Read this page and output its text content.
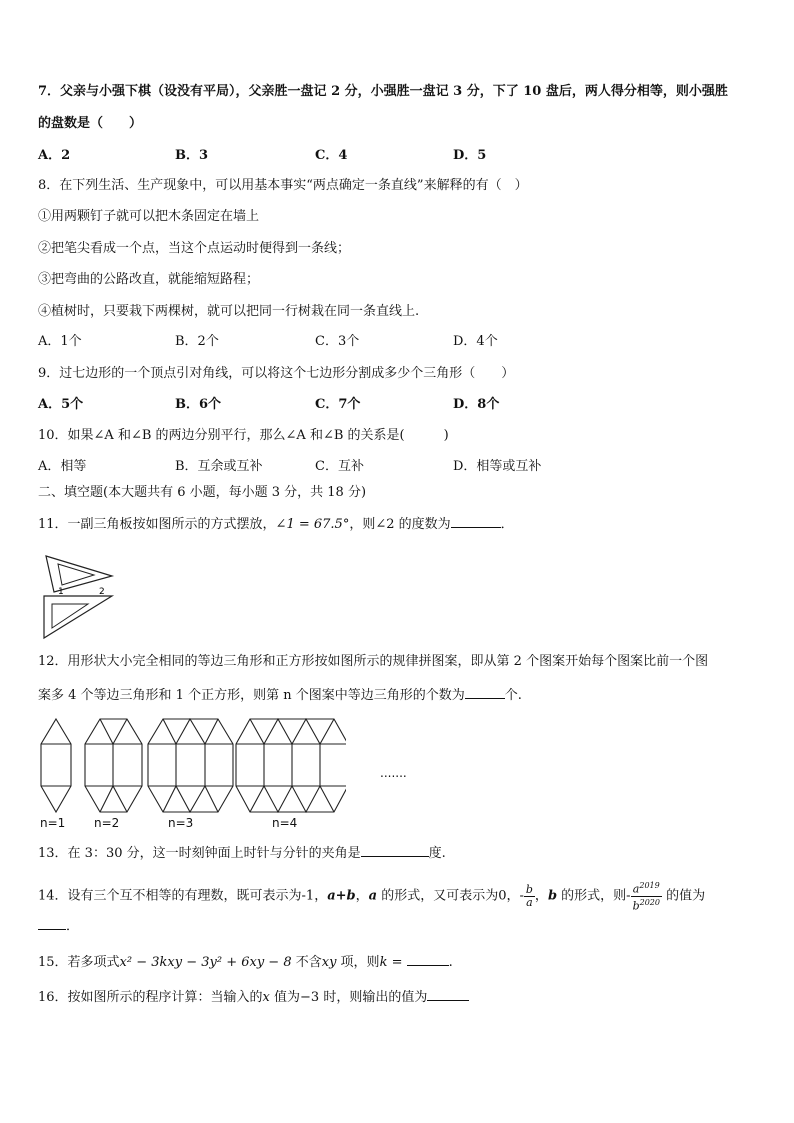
7．父亲与小强下棋（设没有平局），父亲胜一盘记 2 分，小强胜一盘记 3 分，下了 10 盘后，两人得分相等，则小强胜
的盘数是（　　）
A．2	B．3	C．4	D．5
8．在下列生活、生产现象中，可以用基本事实“两点确定一条直线”来解释的有（　）
①用两颗钉子就可以把木条固定在墙上
②把笔尖看成一个点，当这个点运动时便得到一条线；
③把弯曲的公路改直，就能缩短路程；
④植树时，只要栽下两棵树，就可以把同一行树栽在同一条直线上.
A．1个	B．2个	C．3个	D．4个
9．过七边形的一个顶点引对角线，可以将这个七边形分割成多少个三角形（　　）
A．5个	B．6个	C．7个	D．8个
10．如果∠A 和∠B 的两边分别平行，那么∠A 和∠B 的关系是(　　　)
A．相等	B．互余或互补	C．互补	D．相等或互补
二、填空题(本大题共有 6 小题，每小题 3 分，共 18 分)
11．一副三角板按如图所示的方式摆放，∠1 = 67.5°，则∠2 的度数为	．
1	2
12．用形状大小完全相同的等边三角形和正方形按如图所示的规律拼图案，即从第 2 个图案开始每个图案比前一个图
案多 4 个等边三角形和 1 个正方形，则第 n 个图案中等边三角形的个数为	个.
.......
n=1 n=2	n=3	n=4
13．在 3：30 分，这一时刻钟面上时针与分针的夹角是	度.
14．设有三个互不相等的有理数，既可表示为-1，a+b，a 的形式，又可表示为0，- $\frac{b}{a}$ ，b 的形式，则- $\frac{a^{2019}}{b^{2020}}$ 的值为
．
15．若多项式x² − 3kxy − 3y² + 6xy − 8 不含xy 项，则k =	.
16．按如图所示的程序计算：当输入的x 值为−3 时，则输出的值为
